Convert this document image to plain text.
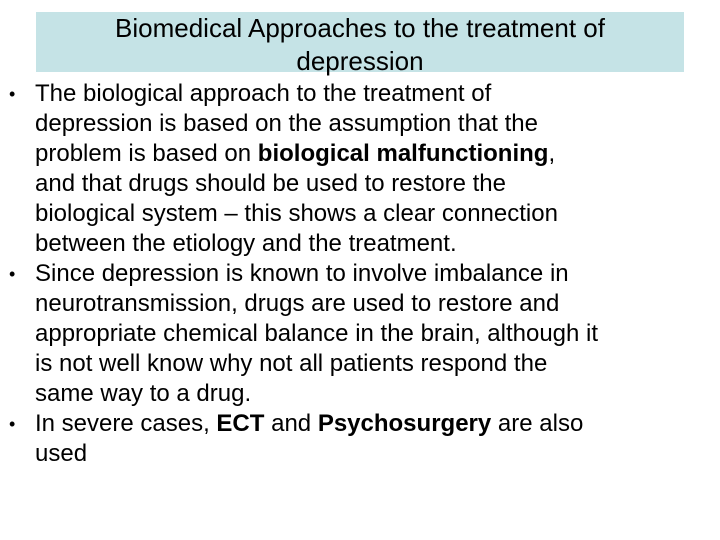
Biomedical Approaches to the treatment of
depression
• The biological approach to the treatment of
depression is based on the assumption that the
problem is based on biological malfunctioning,
and that drugs should be used to restore the
biological system – this shows a clear connection
between the etiology and the treatment.
• Since depression is known to involve imbalance in
neurotransmission, drugs are used to restore and
appropriate chemical balance in the brain, although it
is not well know why not all patients respond the
same way to a drug.
• In severe cases, ECT and Psychosurgery are also
used
